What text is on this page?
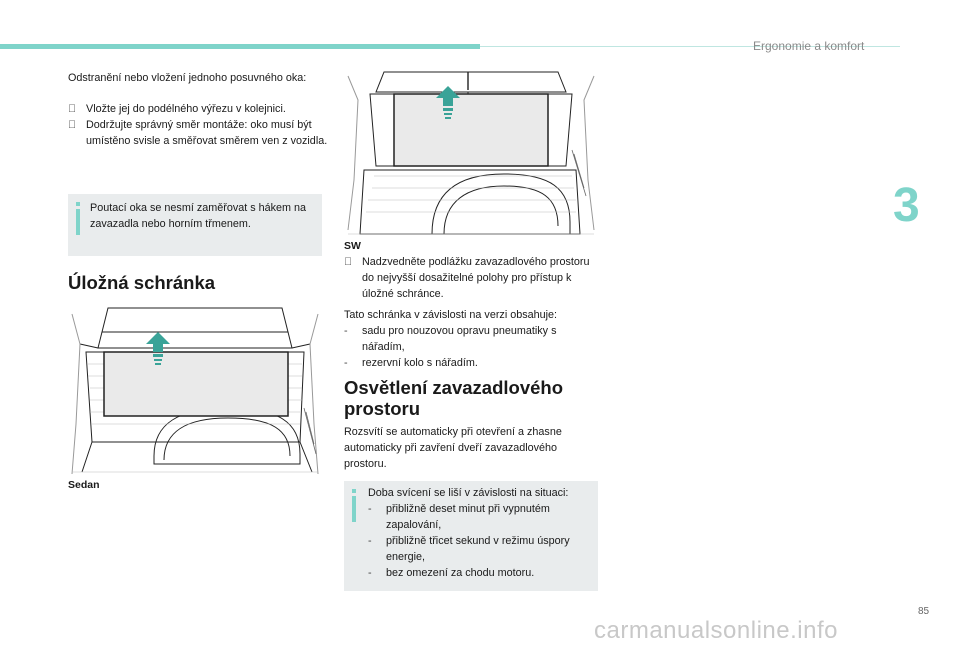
Ergonomie a komfort
3
Odstranění nebo vložení jednoho posuvného oka:
Vložte jej do podélného výřezu v kolejnici.
Dodržujte správný směr montáže: oko musí být umístěno svisle a směřovat směrem ven z vozidla.
Poutací oka se nesmí zaměřovat s hákem na zavazadla nebo horním třmenem.
Úložná schránka
Sedan
SW
Nadzvedněte podlážku zavazadlového prostoru do nejvyšší dosažitelné polohy pro přístup k úložné schránce.
Tato schránka v závislosti na verzi obsahuje:
-	sadu pro nouzovou opravu pneumatiky s nářadím,
-	rezervní kolo s nářadím.
Osvětlení zavazadlového prostoru
Rozsvítí se automaticky při otevření a zhasne automaticky při zavření dveří zavazadlového prostoru.
Doba svícení se liší v závislosti na situaci:
-	přibližně deset minut při vypnutém zapalování,
-	přibližně třicet sekund v režimu úspory energie,
-	bez omezení za chodu motoru.
85
carmanualsonline.info
